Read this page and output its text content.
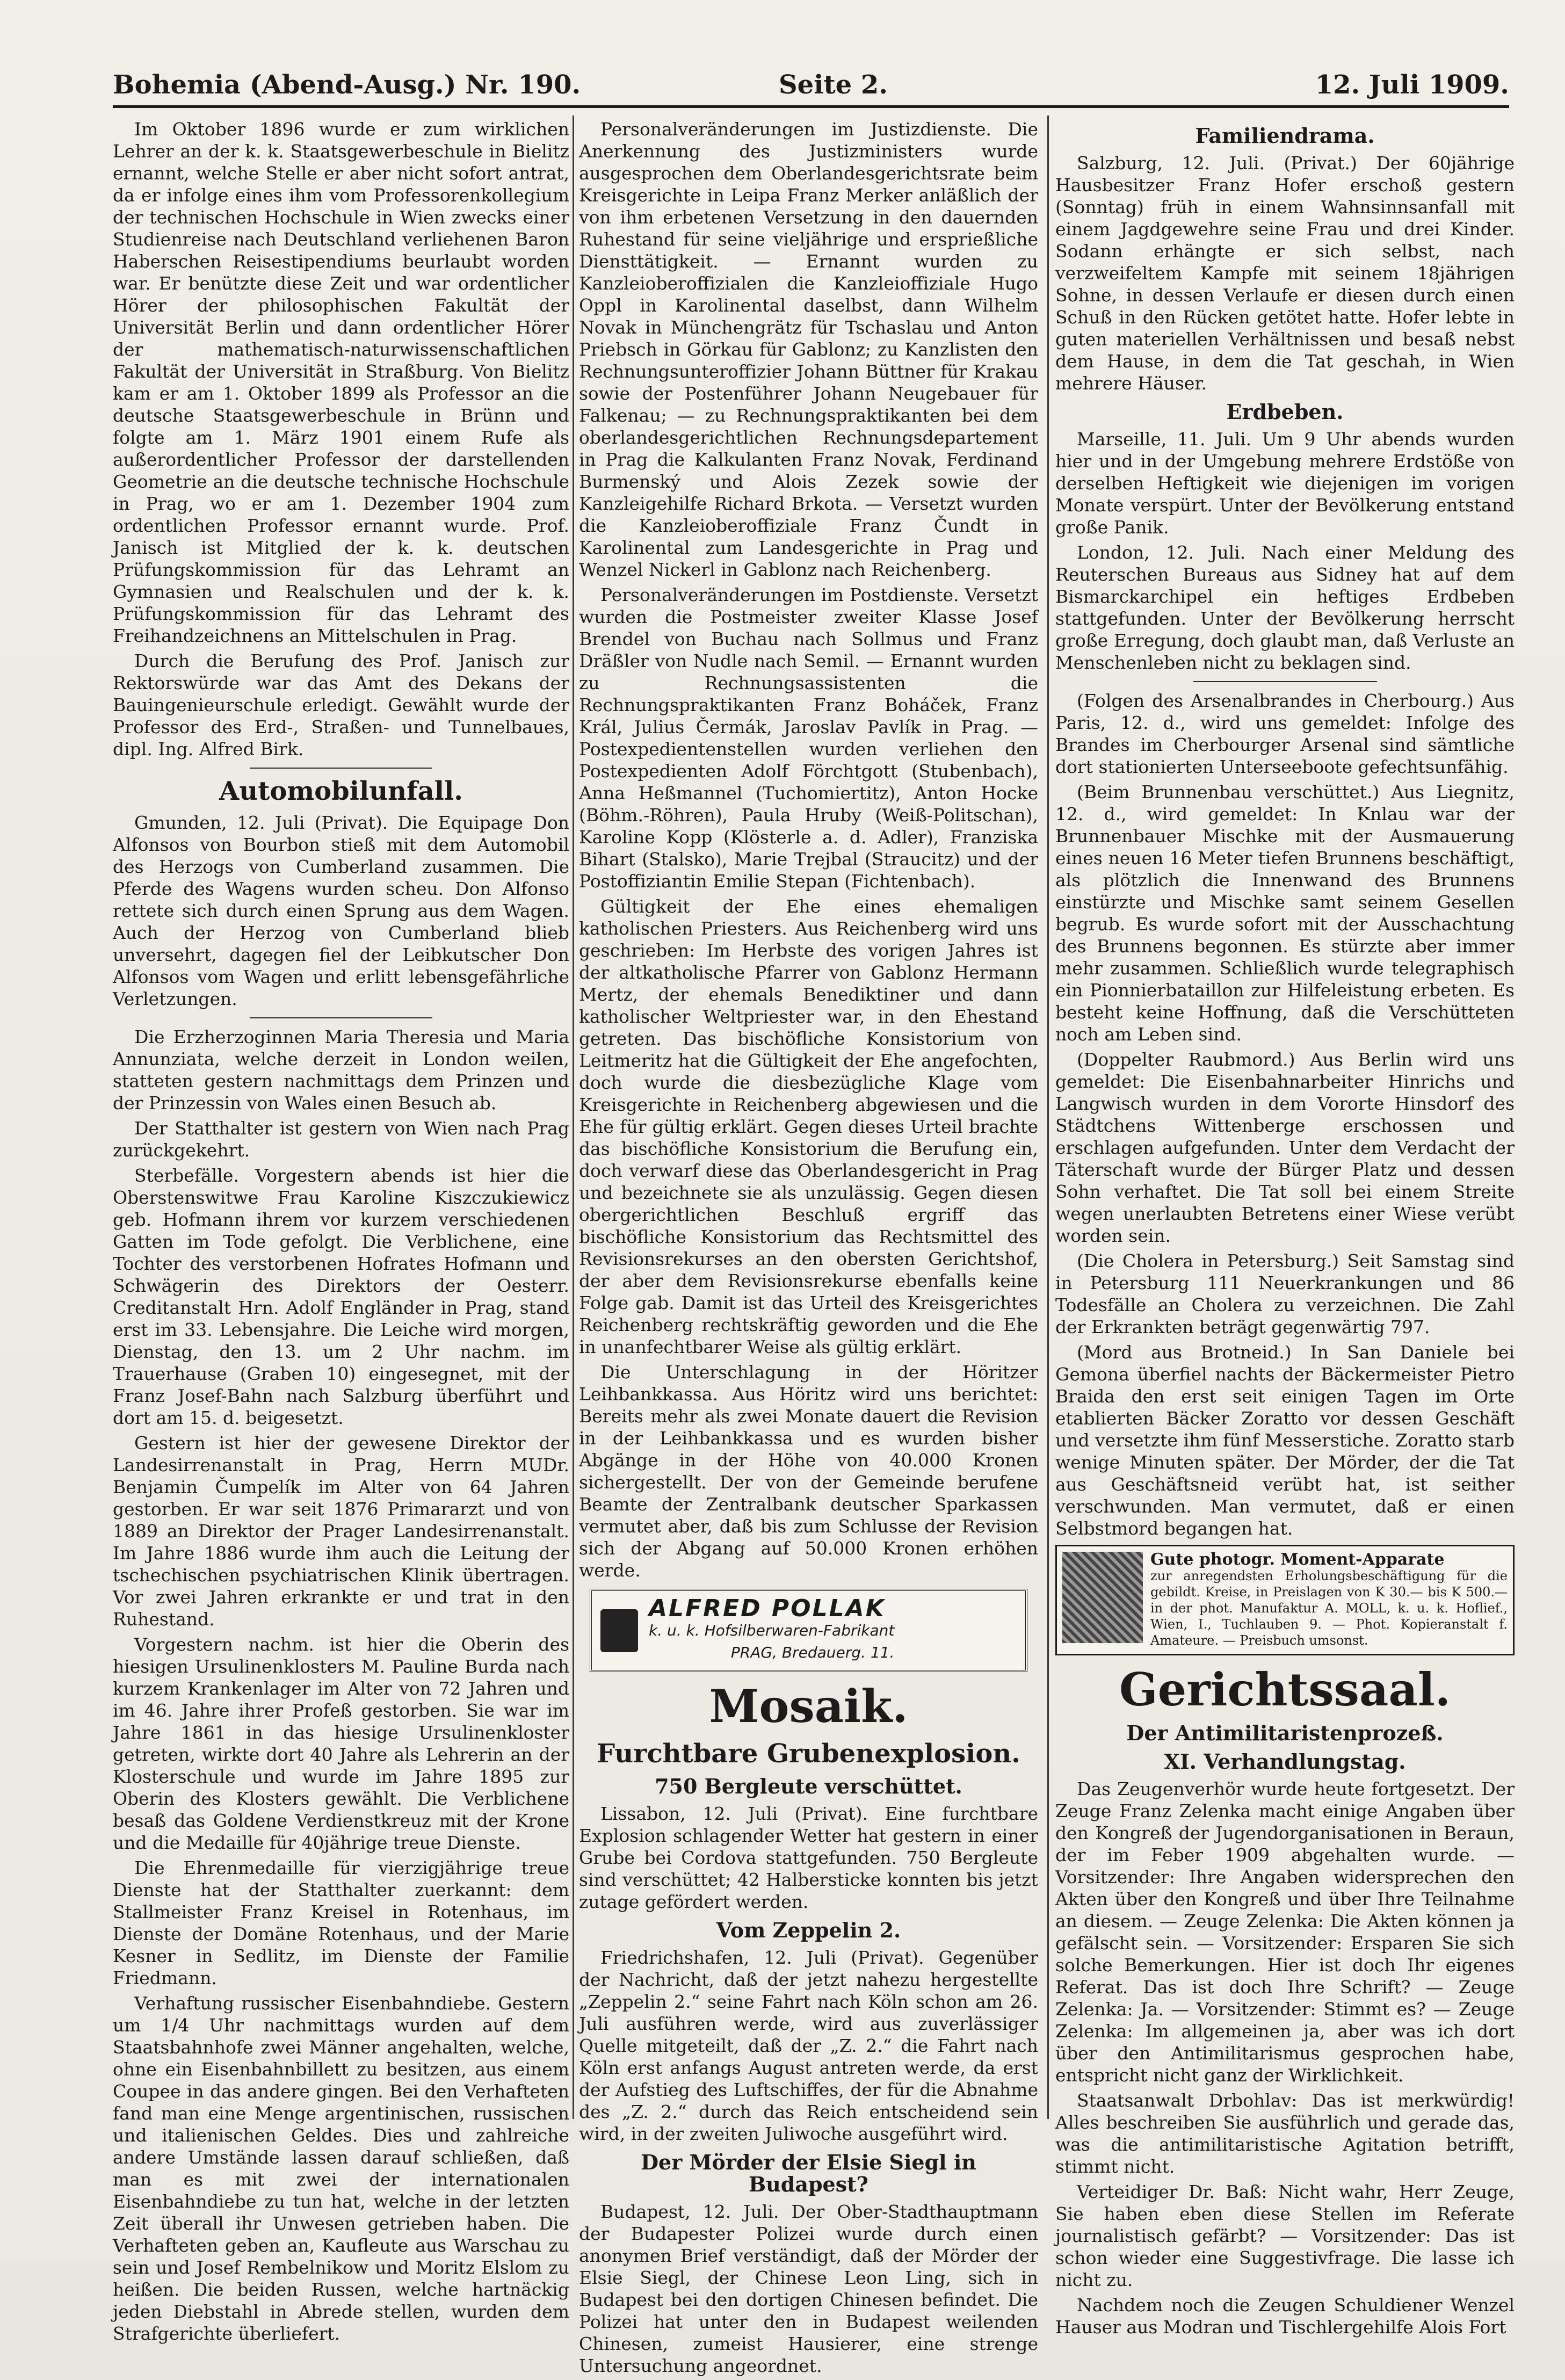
Bohemia (Abend-Ausg.) Nr. 190.	Seite 2.	12. Juli 1909.

Im Oktober 1896 wurde er zum wirklichen Lehrer an der k. k. Staatsgewerbeschule in Bielitz ernannt, welche Stelle er aber nicht sofort antrat, da er infolge eines ihm vom Professorenkollegium der technischen Hochschule in Wien zwecks einer Studienreise nach Deutschland verliehenen Baron Haberschen Reisestipendiums beurlaubt worden war. Er benützte diese Zeit und war ordentlicher Hörer der philosophischen Fakultät der Universität Berlin und dann ordentlicher Hörer der mathematisch-naturwissenschaftlichen Fakultät der Universität in Straßburg. Von Bielitz kam er am 1. Oktober 1899 als Professor an die deutsche Staatsgewerbeschule in Brünn und folgte am 1. März 1901 einem Rufe als außerordentlicher Professor der darstellenden Geometrie an die deutsche technische Hochschule in Prag, wo er am 1. Dezember 1904 zum ordentlichen Professor ernannt wurde. Prof. Janisch ist Mitglied der k. k. deutschen Prüfungskommission für das Lehramt an Gymnasien und Realschulen und der k. k. Prüfungskommission für das Lehramt des Freihandzeichnens an Mittelschulen in Prag.

Durch die Berufung des Prof. Janisch zur Rektorswürde war das Amt des Dekans der Bauingenieurschule erledigt. Gewählt wurde der Professor des Erd-, Straßen- und Tunnelbaues, dipl. Ing. Alfred Birk.

Automobilunfall.

Gmunden, 12. Juli (Privat). Die Equipage Don Alfonsos von Bourbon stieß mit dem Automobil des Herzogs von Cumberland zusammen. Die Pferde des Wagens wurden scheu. Don Alfonso rettete sich durch einen Sprung aus dem Wagen. Auch der Herzog von Cumberland blieb unversehrt, dagegen fiel der Leibkutscher Don Alfonsos vom Wagen und erlitt lebensgefährliche Verletzungen.

Die Erzherzoginnen Maria Theresia und Maria Annunziata, welche derzeit in London weilen, statteten gestern nachmittags dem Prinzen und der Prinzessin von Wales einen Besuch ab.

Der Statthalter ist gestern von Wien nach Prag zurückgekehrt.

Sterbefälle. Vorgestern abends ist hier die Oberstenswitwe Frau Karoline Kiszczukiewicz geb. Hofmann ihrem vor kurzem verschiedenen Gatten im Tode gefolgt. Die Verblichene, eine Tochter des verstorbenen Hofrates Hofmann und Schwägerin des Direktors der Oesterr. Creditanstalt Hrn. Adolf Engländer in Prag, stand erst im 33. Lebensjahre. Die Leiche wird morgen, Dienstag, den 13. um 2 Uhr nachm. im Trauerhause (Graben 10) eingesegnet, mit der Franz Josef-Bahn nach Salzburg überführt und dort am 15. d. beigesetzt.

Gestern ist hier der gewesene Direktor der Landesirrenanstalt in Prag, Herrn MUDr. Benjamin Čumpelík im Alter von 64 Jahren gestorben. Er war seit 1876 Primararzt und von 1889 an Direktor der Prager Landesirrenanstalt. Im Jahre 1886 wurde ihm auch die Leitung der tschechischen psychiatrischen Klinik übertragen. Vor zwei Jahren erkrankte er und trat in den Ruhestand.

Vorgestern nachm. ist hier die Oberin des hiesigen Ursulinenklosters M. Pauline Burda nach kurzem Krankenlager im Alter von 72 Jahren und im 46. Jahre ihrer Profeß gestorben. Sie war im Jahre 1861 in das hiesige Ursulinenkloster getreten, wirkte dort 40 Jahre als Lehrerin an der Klosterschule und wurde im Jahre 1895 zur Oberin des Klosters gewählt. Die Verblichene besaß das Goldene Verdienstkreuz mit der Krone und die Medaille für 40jährige treue Dienste.

Die Ehrenmedaille für vierzigjährige treue Dienste hat der Statthalter zuerkannt: dem Stallmeister Franz Kreisel in Rotenhaus, im Dienste der Domäne Rotenhaus, und der Marie Kesner in Sedlitz, im Dienste der Familie Friedmann.

Verhaftung russischer Eisenbahndiebe. Gestern um 1/4 Uhr nachmittags wurden auf dem Staatsbahnhofe zwei Männer angehalten, welche, ohne ein Eisenbahnbillett zu besitzen, aus einem Coupee in das andere gingen. Bei den Verhafteten fand man eine Menge argentinischen, russischen und italienischen Geldes. Dies und zahlreiche andere Umstände lassen darauf schließen, daß man es mit zwei der internationalen Eisenbahndiebe zu tun hat, welche in der letzten Zeit überall ihr Unwesen getrieben haben. Die Verhafteten geben an, Kaufleute aus Warschau zu sein und Josef Rembelnikow und Moritz Elslom zu heißen. Die beiden Russen, welche hartnäckig jeden Diebstahl in Abrede stellen, wurden dem Strafgerichte überliefert.

Personalveränderungen im Justizdienste. Die Anerkennung des Justizministers wurde ausgesprochen dem Oberlandesgerichtsrate beim Kreisgerichte in Leipa Franz Merker anläßlich der von ihm erbetenen Versetzung in den dauernden Ruhestand für seine vieljährige und ersprießliche Diensttätigkeit. — Ernannt wurden zu Kanzleioberoffizialen die Kanzleioffiziale Hugo Oppl in Karolinental daselbst, dann Wilhelm Novak in Münchengrätz für Tschaslau und Anton Priebsch in Görkau für Gablonz; zu Kanzlisten den Rechnungsunteroffizier Johann Büttner für Krakau sowie der Postenführer Johann Neugebauer für Falkenau; — zu Rechnungspraktikanten bei dem oberlandesgerichtlichen Rechnungsdepartement in Prag die Kalkulanten Franz Novak, Ferdinand Burmenský und Alois Zezek sowie der Kanzleigehilfe Richard Brkota. — Versetzt wurden die Kanzleioberoffiziale Franz Čundt in Karolinental zum Landesgerichte in Prag und Wenzel Nickerl in Gablonz nach Reichenberg.

Personalveränderungen im Postdienste. Versetzt wurden die Postmeister zweiter Klasse Josef Brendel von Buchau nach Sollmus und Franz Dräßler von Nudle nach Semil. — Ernannt wurden zu Rechnungsassistenten die Rechnungspraktikanten Franz Boháček, Franz Král, Julius Čermák, Jaroslav Pavlík in Prag. — Postexpedientenstellen wurden verliehen den Postexpedienten Adolf Förchtgott (Stubenbach), Anna Heßmannel (Tuchomiertitz), Anton Hocke (Böhm.-Röhren), Paula Hruby (Weiß-Politschan), Karoline Kopp (Klösterle a. d. Adler), Franziska Bihart (Stalsko), Marie Trejbal (Straucitz) und der Postoffiziantin Emilie Stepan (Fichtenbach).

Gültigkeit der Ehe eines ehemaligen katholischen Priesters. Aus Reichenberg wird uns geschrieben: Im Herbste des vorigen Jahres ist der altkatholische Pfarrer von Gablonz Hermann Mertz, der ehemals Benediktiner und dann katholischer Weltpriester war, in den Ehestand getreten. Das bischöfliche Konsistorium von Leitmeritz hat die Gültigkeit der Ehe angefochten, doch wurde die diesbezügliche Klage vom Kreisgerichte in Reichenberg abgewiesen und die Ehe für gültig erklärt. Gegen dieses Urteil brachte das bischöfliche Konsistorium die Berufung ein, doch verwarf diese das Oberlandesgericht in Prag und bezeichnete sie als unzulässig. Gegen diesen obergerichtlichen Beschluß ergriff das bischöfliche Konsistorium das Rechtsmittel des Revisionsrekurses an den obersten Gerichtshof, der aber dem Revisionsrekurse ebenfalls keine Folge gab. Damit ist das Urteil des Kreisgerichtes Reichenberg rechtskräftig geworden und die Ehe in unanfechtbarer Weise als gültig erklärt.

Die Unterschlagung in der Höritzer Leihbankkassa. Aus Höritz wird uns berichtet: Bereits mehr als zwei Monate dauert die Revision in der Leihbankkassa und es wurden bisher Abgänge in der Höhe von 40.000 Kronen sichergestellt. Der von der Gemeinde berufene Beamte der Zentralbank deutscher Sparkassen vermutet aber, daß bis zum Schlusse der Revision sich der Abgang auf 50.000 Kronen erhöhen werde.

ALFRED POLLAK
k. u. k. Hofsilberwaren-Fabrikant
PRAG, Bredauerg. 11.
Mosaik.
Furchtbare Grubenexplosion.
750 Bergleute verschüttet.

Lissabon, 12. Juli (Privat). Eine furchtbare Explosion schlagender Wetter hat gestern in einer Grube bei Cordova stattgefunden. 750 Bergleute sind verschüttet; 42 Halbersticke konnten bis jetzt zutage gefördert werden.

Vom Zeppelin 2.

Friedrichshafen, 12. Juli (Privat). Gegenüber der Nachricht, daß der jetzt nahezu hergestellte „Zeppelin 2.“ seine Fahrt nach Köln schon am 26. Juli ausführen werde, wird aus zuverlässiger Quelle mitgeteilt, daß der „Z. 2.“ die Fahrt nach Köln erst anfangs August antreten werde, da erst der Aufstieg des Luftschiffes, der für die Abnahme des „Z. 2.“ durch das Reich entscheidend sein wird, in der zweiten Juliwoche ausgeführt wird.

Der Mörder der Elsie Siegl in Budapest?

Budapest, 12. Juli. Der Ober-Stadthauptmann der Budapester Polizei wurde durch einen anonymen Brief verständigt, daß der Mörder der Elsie Siegl, der Chinese Leon Ling, sich in Budapest bei den dortigen Chinesen befindet. Die Polizei hat unter den in Budapest weilenden Chinesen, zumeist Hausierer, eine strenge Untersuchung angeordnet.

Familiendrama.

Salzburg, 12. Juli. (Privat.) Der 60jährige Hausbesitzer Franz Hofer erschoß gestern (Sonntag) früh in einem Wahnsinnsanfall mit einem Jagdgewehre seine Frau und drei Kinder. Sodann erhängte er sich selbst, nach verzweifeltem Kampfe mit seinem 18jährigen Sohne, in dessen Verlaufe er diesen durch einen Schuß in den Rücken getötet hatte. Hofer lebte in guten materiellen Verhältnissen und besaß nebst dem Hause, in dem die Tat geschah, in Wien mehrere Häuser.

Erdbeben.

Marseille, 11. Juli. Um 9 Uhr abends wurden hier und in der Umgebung mehrere Erdstöße von derselben Heftigkeit wie diejenigen im vorigen Monate verspürt. Unter der Bevölkerung entstand große Panik.

London, 12. Juli. Nach einer Meldung des Reuterschen Bureaus aus Sidney hat auf dem Bismarckarchipel ein heftiges Erdbeben stattgefunden. Unter der Bevölkerung herrscht große Erregung, doch glaubt man, daß Verluste an Menschenleben nicht zu beklagen sind.

(Folgen des Arsenalbrandes in Cherbourg.) Aus Paris, 12. d., wird uns gemeldet: Infolge des Brandes im Cherbourger Arsenal sind sämtliche dort stationierten Unterseeboote gefechtsunfähig.

(Beim Brunnenbau verschüttet.) Aus Liegnitz, 12. d., wird gemeldet: In Knlau war der Brunnenbauer Mischke mit der Ausmauerung eines neuen 16 Meter tiefen Brunnens beschäftigt, als plötzlich die Innenwand des Brunnens einstürzte und Mischke samt seinem Gesellen begrub. Es wurde sofort mit der Ausschachtung des Brunnens begonnen. Es stürzte aber immer mehr zusammen. Schließlich wurde telegraphisch ein Pionnierbataillon zur Hilfeleistung erbeten. Es besteht keine Hoffnung, daß die Verschütteten noch am Leben sind.

(Doppelter Raubmord.) Aus Berlin wird uns gemeldet: Die Eisenbahnarbeiter Hinrichs und Langwisch wurden in dem Vororte Hinsdorf des Städtchens Wittenberge erschossen und erschlagen aufgefunden. Unter dem Verdacht der Täterschaft wurde der Bürger Platz und dessen Sohn verhaftet. Die Tat soll bei einem Streite wegen unerlaubten Betretens einer Wiese verübt worden sein.

(Die Cholera in Petersburg.) Seit Samstag sind in Petersburg 111 Neuerkrankungen und 86 Todesfälle an Cholera zu verzeichnen. Die Zahl der Erkrankten beträgt gegenwärtig 797.

(Mord aus Brotneid.) In San Daniele bei Gemona überfiel nachts der Bäckermeister Pietro Braida den erst seit einigen Tagen im Orte etablierten Bäcker Zoratto vor dessen Geschäft und versetzte ihm fünf Messerstiche. Zoratto starb wenige Minuten später. Der Mörder, der die Tat aus Geschäftsneid verübt hat, ist seither verschwunden. Man vermutet, daß er einen Selbstmord begangen hat.

Gute photogr. Moment-Apparate
zur anregendsten Erholungsbeschäftigung für die gebildt. Kreise, in Preislagen von K 30.— bis K 500.— in der phot. Manufaktur A. MOLL, k. u. k. Hoflief., Wien, I., Tuchlauben 9. — Phot. Kopieranstalt f. Amateure. — Preisbuch umsonst.
Gerichtssaal.
Der Antimilitaristenprozeß.
XI. Verhandlungstag.

Das Zeugenverhör wurde heute fortgesetzt. Der Zeuge Franz Zelenka macht einige Angaben über den Kongreß der Jugendorganisationen in Beraun, der im Feber 1909 abgehalten wurde. — Vorsitzender: Ihre Angaben widersprechen den Akten über den Kongreß und über Ihre Teilnahme an diesem. — Zeuge Zelenka: Die Akten können ja gefälscht sein. — Vorsitzender: Ersparen Sie sich solche Bemerkungen. Hier ist doch Ihr eigenes Referat. Das ist doch Ihre Schrift? — Zeuge Zelenka: Ja. — Vorsitzender: Stimmt es? — Zeuge Zelenka: Im allgemeinen ja, aber was ich dort über den Antimilitarismus gesprochen habe, entspricht nicht ganz der Wirklichkeit.

Staatsanwalt Drbohlav: Das ist merkwürdig! Alles beschreiben Sie ausführlich und gerade das, was die antimilitaristische Agitation betrifft, stimmt nicht.

Verteidiger Dr. Baß: Nicht wahr, Herr Zeuge, Sie haben eben diese Stellen im Referate journalistisch gefärbt? — Vorsitzender: Das ist schon wieder eine Suggestivfrage. Die lasse ich nicht zu.

Nachdem noch die Zeugen Schuldiener Wenzel Hauser aus Modran und Tischlergehilfe Alois Fort
